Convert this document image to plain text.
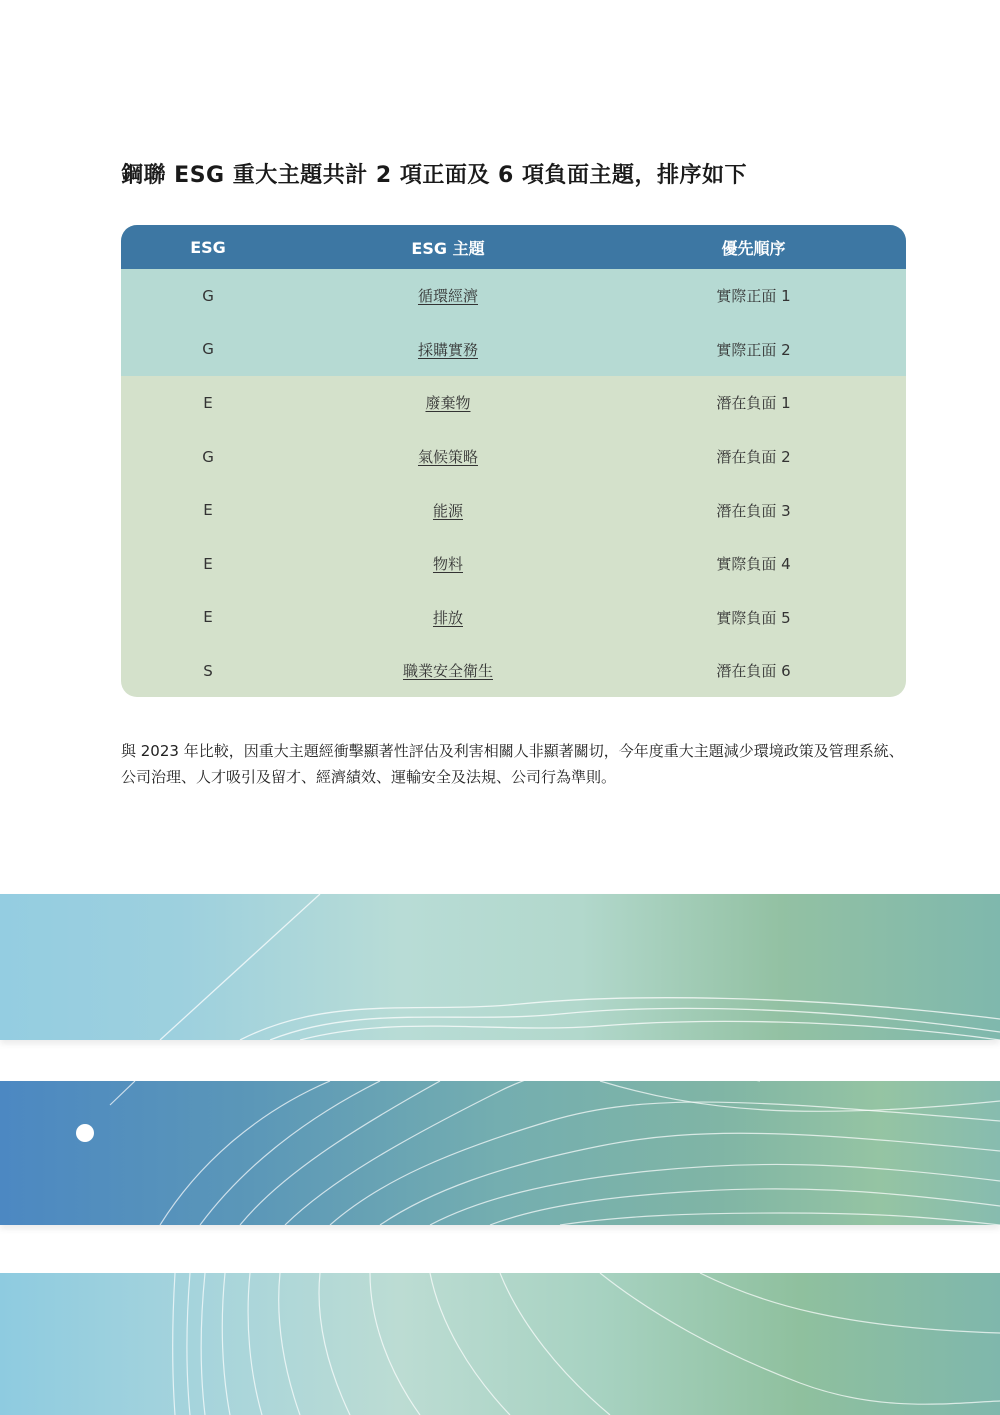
鋼聯 ESG 重大主題共計 2 項正面及 6 項負面主題，排序如下
ESG	ESG 主題	優先順序
G	循環經濟	實際正面 1
G	採購實務	實際正面 2
E	廢棄物	潛在負面 1
G	氣候策略	潛在負面 2
E	能源	潛在負面 3
E	物料	實際負面 4
E	排放	實際負面 5
S	職業安全衛生	潛在負面 6
與 2023 年比較，因重大主題經衝擊顯著性評估及利害相關人非顯著關切，今年度重大主題減少環境政策及管理系統、公司治理、人才吸引及留才、經濟績效、運輸安全及法規、公司行為準則。
